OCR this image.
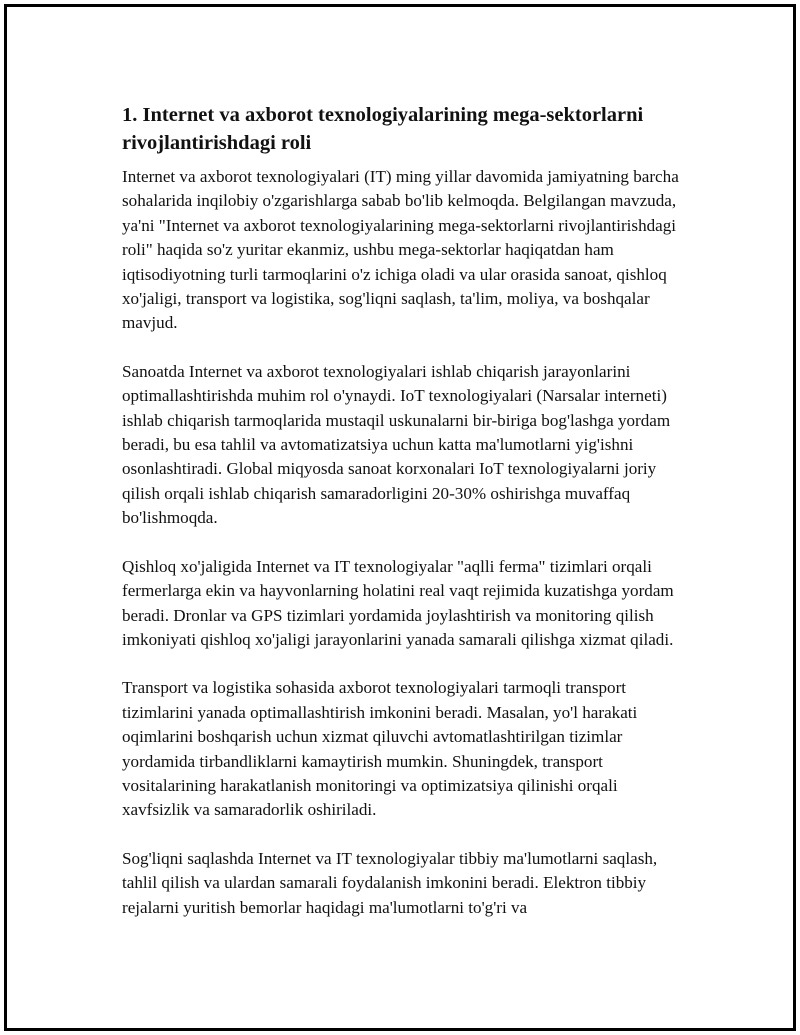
1. Internet va axborot texnologiyalarining mega-sektorlarni rivojlantirishdagi roli

Internet va axborot texnologiyalari (IT) ming yillar davomida jamiyatning barcha sohalarida inqilobiy o'zgarishlarga sabab bo'lib kelmoqda. Belgilangan mavzuda, ya'ni "Internet va axborot texnologiyalarining mega-sektorlarni rivojlantirishdagi roli" haqida so'z yuritar ekanmiz, ushbu mega-sektorlar haqiqatdan ham iqtisodiyotning turli tarmoqlarini o'z ichiga oladi va ular orasida sanoat, qishloq xo'jaligi, transport va logistika, sog'liqni saqlash, ta'lim, moliya, va boshqalar mavjud.

Sanoatda Internet va axborot texnologiyalari ishlab chiqarish jarayonlarini optimallashtirishda muhim rol o'ynaydi. IoT texnologiyalari (Narsalar interneti) ishlab chiqarish tarmoqlarida mustaqil uskunalarni bir-biriga bog'lashga yordam beradi, bu esa tahlil va avtomatizatsiya uchun katta ma'lumotlarni yig'ishni osonlashtiradi. Global miqyosda sanoat korxonalari IoT texnologiyalarni joriy qilish orqali ishlab chiqarish samaradorligini 20-30% oshirishga muvaffaq bo'lishmoqda.

Qishloq xo'jaligida Internet va IT texnologiyalar "aqlli ferma" tizimlari orqali fermerlarga ekin va hayvonlarning holatini real vaqt rejimida kuzatishga yordam beradi. Dronlar va GPS tizimlari yordamida joylashtirish va monitoring qilish imkoniyati qishloq xo'jaligi jarayonlarini yanada samarali qilishga xizmat qiladi.

Transport va logistika sohasida axborot texnologiyalari tarmoqli transport tizimlarini yanada optimallashtirish imkonini beradi. Masalan, yo'l harakati oqimlarini boshqarish uchun xizmat qiluvchi avtomatlashtirilgan tizimlar yordamida tirbandliklarni kamaytirish mumkin. Shuningdek, transport vositalarining harakatlanish monitoringi va optimizatsiya qilinishi orqali xavfsizlik va samaradorlik oshiriladi.

Sog'liqni saqlashda Internet va IT texnologiyalar tibbiy ma'lumotlarni saqlash, tahlil qilish va ulardan samarali foydalanish imkonini beradi. Elektron tibbiy rejalarni yuritish bemorlar haqidagi ma'lumotlarni to'g'ri va
